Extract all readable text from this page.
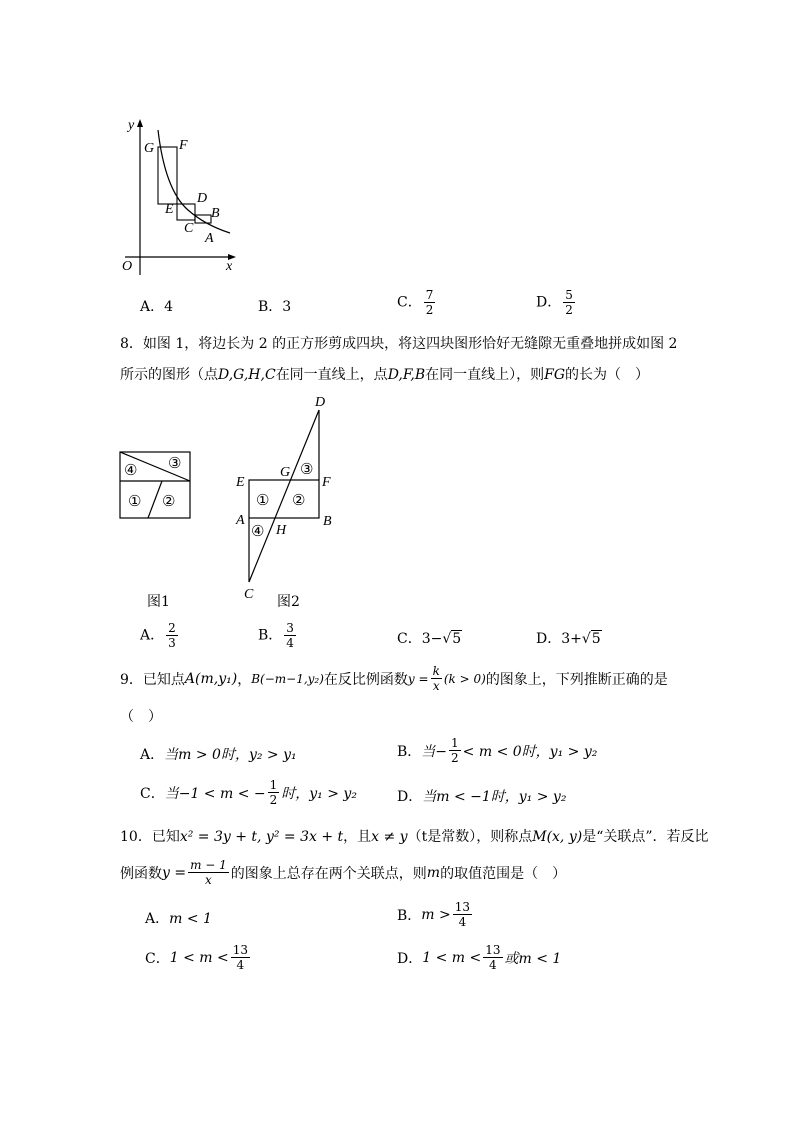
y
x
O
G F
E
D
B
C
A
A．4	B．3	C． $\frac{7}{2}$	D． $\frac{5}{2}$
8．如图 1，将边长为 2 的正方形剪成四块，将这四块图形恰好无缝隙无重叠地拼成如图 2
所示的图形（点D,G,H,C在同一直线上，点D,F,B在同一直线上），则FG的长为（　）
④ ③
① ②
图1
D
G ③
F
E
① ②
A	B
④ H
C 图2
A． $\frac{2}{3}$	B． $\frac{3}{4}$	C．3−√5	D．3+√5
9．已知点 A(m,y₁) ， B(−m−1,y₂) 在反比例函数 $y = \frac{k}{x} (k > 0)$ 的图象上，下列推断正确的是
（　）
A．当m > 0时，y₂ > y₁	B． 当− $\frac{1}{2} < m < 0$时，y₁ > y₂
C． 当−1 < m < − $\frac{1}{2}$ 时，y₁ > y₂	D．当m < −1时，y₁ > y₂
10．已知x² = 3y + t, y² = 3x + t，且x ≠ y（t是常数），则称点M(x, y)是“关联点”．若反比
例函数 $y = \frac{m - 1}{x}$ 的图象上总存在两个关联点，则 m 的取值范围是（　）
A．m < 1	B． $m > \frac{13}{4}$
C． $1 < m < \frac{13}{4}$	D． $1 < m < \frac{13}{4}$ 或m < 1
